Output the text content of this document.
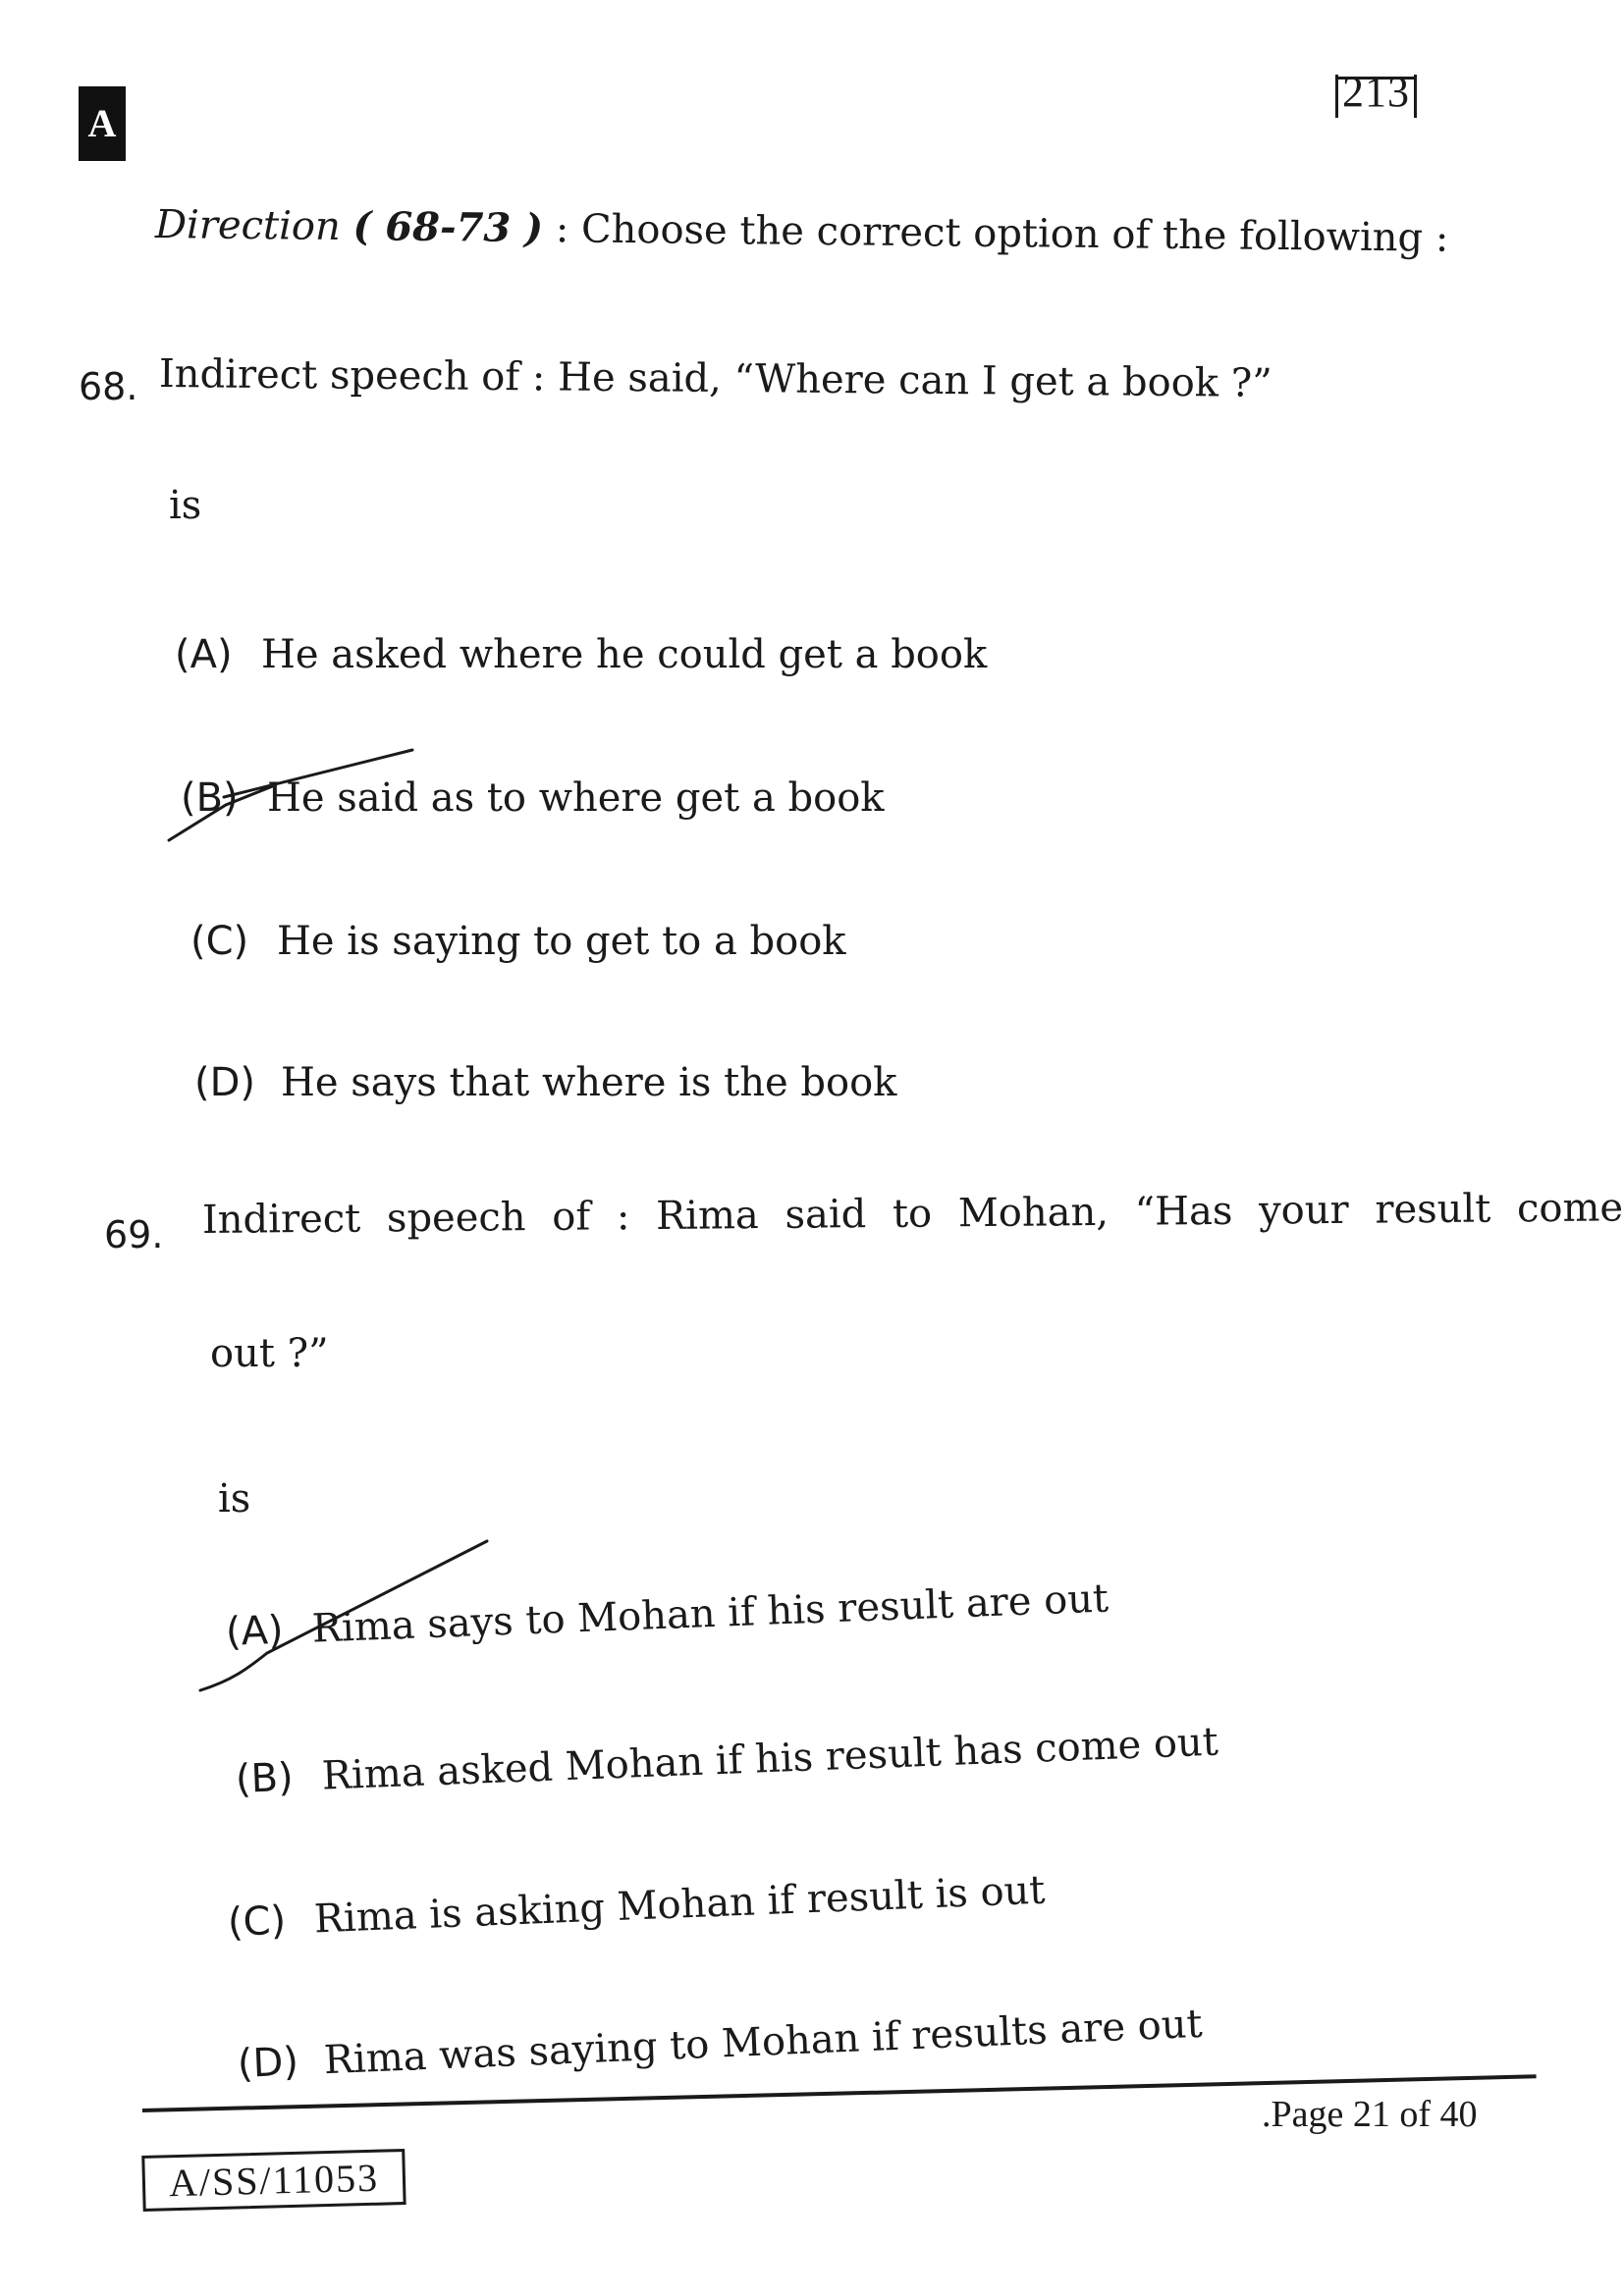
A
213
Direction ( 68-73 ) : Choose the correct option of the following :
68. Indirect speech of : He said, “Where can I get a book ?”
is
(A) He asked where he could get a book
(B) He said as to where get a book
(C) He is saying to get to a book
(D) He says that where is the book
69. Indirect speech of : Rima said to Mohan, “Has your result come
out ?”
is
(A) Rima says to Mohan if his result are out
(B) Rima asked Mohan if his result has come out
(C) Rima is asking Mohan if result is out
(D) Rima was saying to Mohan if results are out
.Page 21 of 40
A/SS/11053
